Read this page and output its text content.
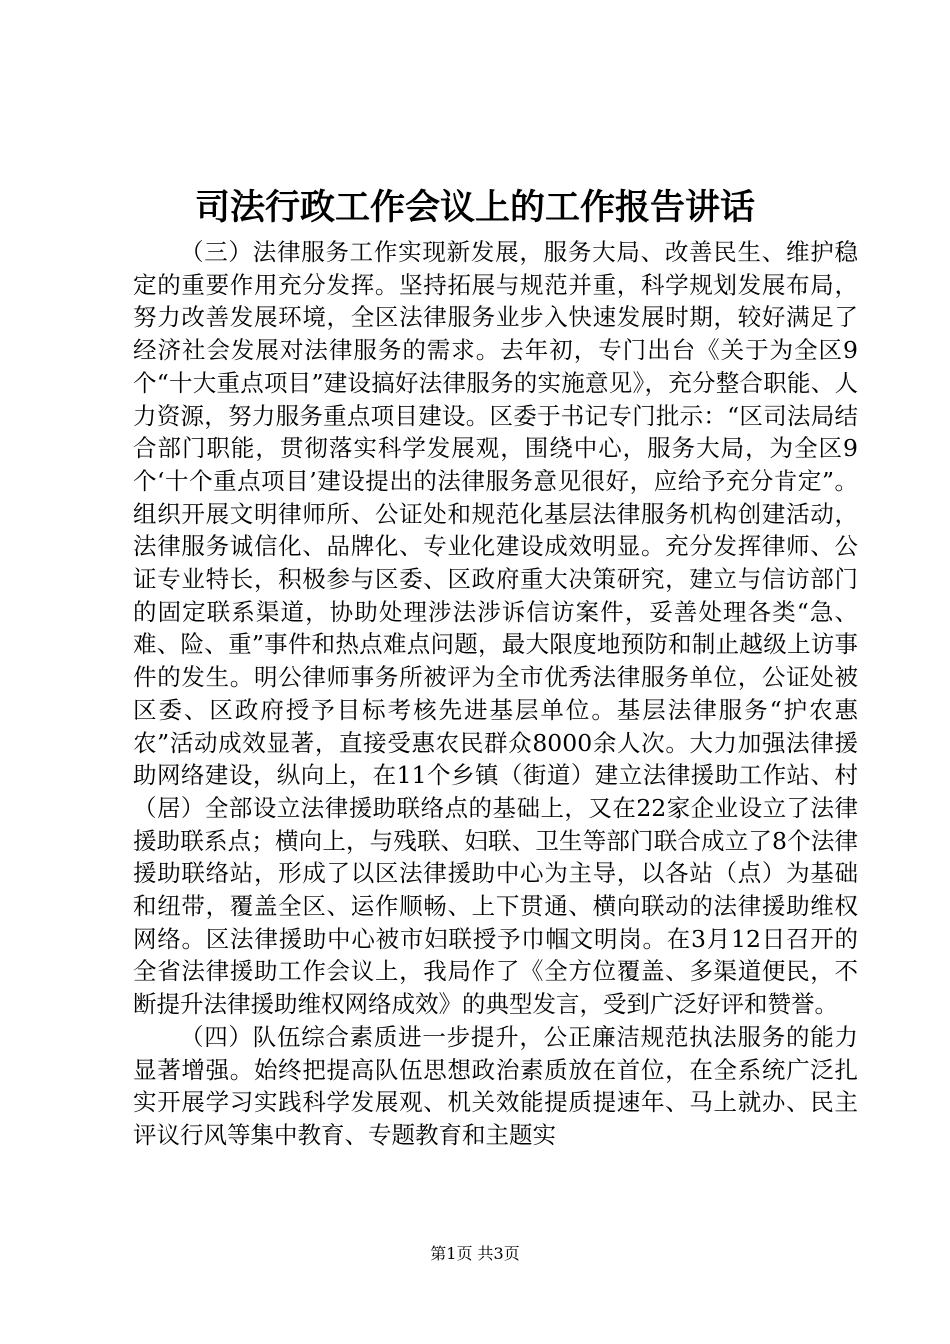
司法行政工作会议上的工作报告讲话

（三）法律服务工作实现新发展，服务大局、改善民生、维护稳定的重要作用充分发挥。坚持拓展与规范并重，科学规划发展布局，努力改善发展环境，全区法律服务业步入快速发展时期，较好满足了经济社会发展对法律服务的需求。去年初，专门出台《关于为全区9个“十大重点项目”建设搞好法律服务的实施意见》，充分整合职能、人力资源，努力服务重点项目建设。区委于书记专门批示：“区司法局结合部门职能，贯彻落实科学发展观，围绕中心，服务大局，为全区9个‘十个重点项目’建设提出的法律服务意见很好，应给予充分肯定”。组织开展文明律师所、公证处和规范化基层法律服务机构创建活动，法律服务诚信化、品牌化、专业化建设成效明显。充分发挥律师、公证专业特长，积极参与区委、区政府重大决策研究，建立与信访部门的固定联系渠道，协助处理涉法涉诉信访案件，妥善处理各类“急、难、险、重”事件和热点难点问题，最大限度地预防和制止越级上访事件的发生。明公律师事务所被评为全市优秀法律服务单位，公证处被区委、区政府授予目标考核先进基层单位。基层法律服务“护农惠农”活动成效显著，直接受惠农民群众8000余人次。大力加强法律援助网络建设，纵向上，在11个乡镇（街道）建立法律援助工作站、村（居）全部设立法律援助联络点的基础上，又在22家企业设立了法律援助联系点；横向上，与残联、妇联、卫生等部门联合成立了8个法律援助联络站，形成了以区法律援助中心为主导，以各站（点）为基础和纽带，覆盖全区、运作顺畅、上下贯通、横向联动的法律援助维权网络。区法律援助中心被市妇联授予巾帼文明岗。在3月12日召开的全省法律援助工作会议上，我局作了《全方位覆盖、多渠道便民，不断提升法律援助维权网络成效》的典型发言，受到广泛好评和赞誉。

（四）队伍综合素质进一步提升，公正廉洁规范执法服务的能力显著增强。始终把提高队伍思想政治素质放在首位，在全系统广泛扎实开展学习实践科学发展观、机关效能提质提速年、马上就办、民主评议行风等集中教育、专题教育和主题实

第1页 共3页
